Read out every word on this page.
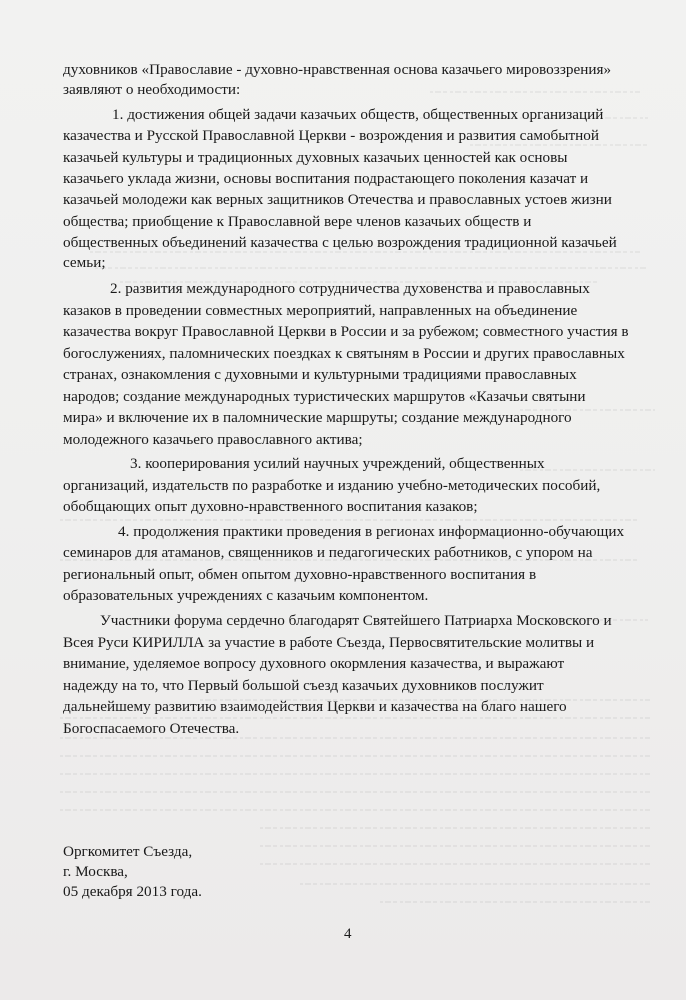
духовников «Православие - духовно-нравственная основа казачьего мировоззрения»
заявляют о необходимости:
1. достижения общей задачи казачьих обществ, общественных организаций
казачества и Русской Православной Церкви - возрождения и развития самобытной
казачьей культуры и традиционных духовных казачьих ценностей как основы
казачьего уклада жизни, основы воспитания подрастающего поколения казачат и
казачьей молодежи как верных защитников Отечества и православных устоев жизни
общества; приобщение к Православной вере членов казачьих обществ и
общественных объединений казачества с целью возрождения традиционной казачьей
семьи;
2. развития международного сотрудничества духовенства и православных
казаков в проведении совместных мероприятий, направленных на объединение
казачества вокруг Православной Церкви в России и за рубежом; совместного участия в
богослужениях, паломнических поездках к святыням в России и других православных
странах, ознакомления с духовными и культурными традициями православных
народов; создание международных туристических маршрутов «Казачьи святыни
мира» и включение их в паломнические маршруты; создание международного
молодежного казачьего православного актива;
3. кооперирования усилий научных учреждений, общественных
организаций, издательств по разработке и изданию учебно-методических пособий,
обобщающих опыт духовно-нравственного воспитания казаков;
4. продолжения практики проведения в регионах информационно-обучающих
семинаров для атаманов, священников и педагогических работников, с упором на
региональный опыт, обмен опытом духовно-нравственного воспитания в
образовательных учреждениях с казачьим компонентом.
Участники форума сердечно благодарят Святейшего Патриарха Московского и
Всея Руси КИРИЛЛА за участие в работе Съезда, Первосвятительские молитвы и
внимание, уделяемое вопросу духовного окормления казачества, и выражают
надежду на то, что Первый большой съезд казачьих духовников послужит
дальнейшему развитию взаимодействия Церкви и казачества на благо нашего
Богоспасаемого Отечества.
Оргкомитет Съезда,
г. Москва,
05 декабря 2013 года.
4
